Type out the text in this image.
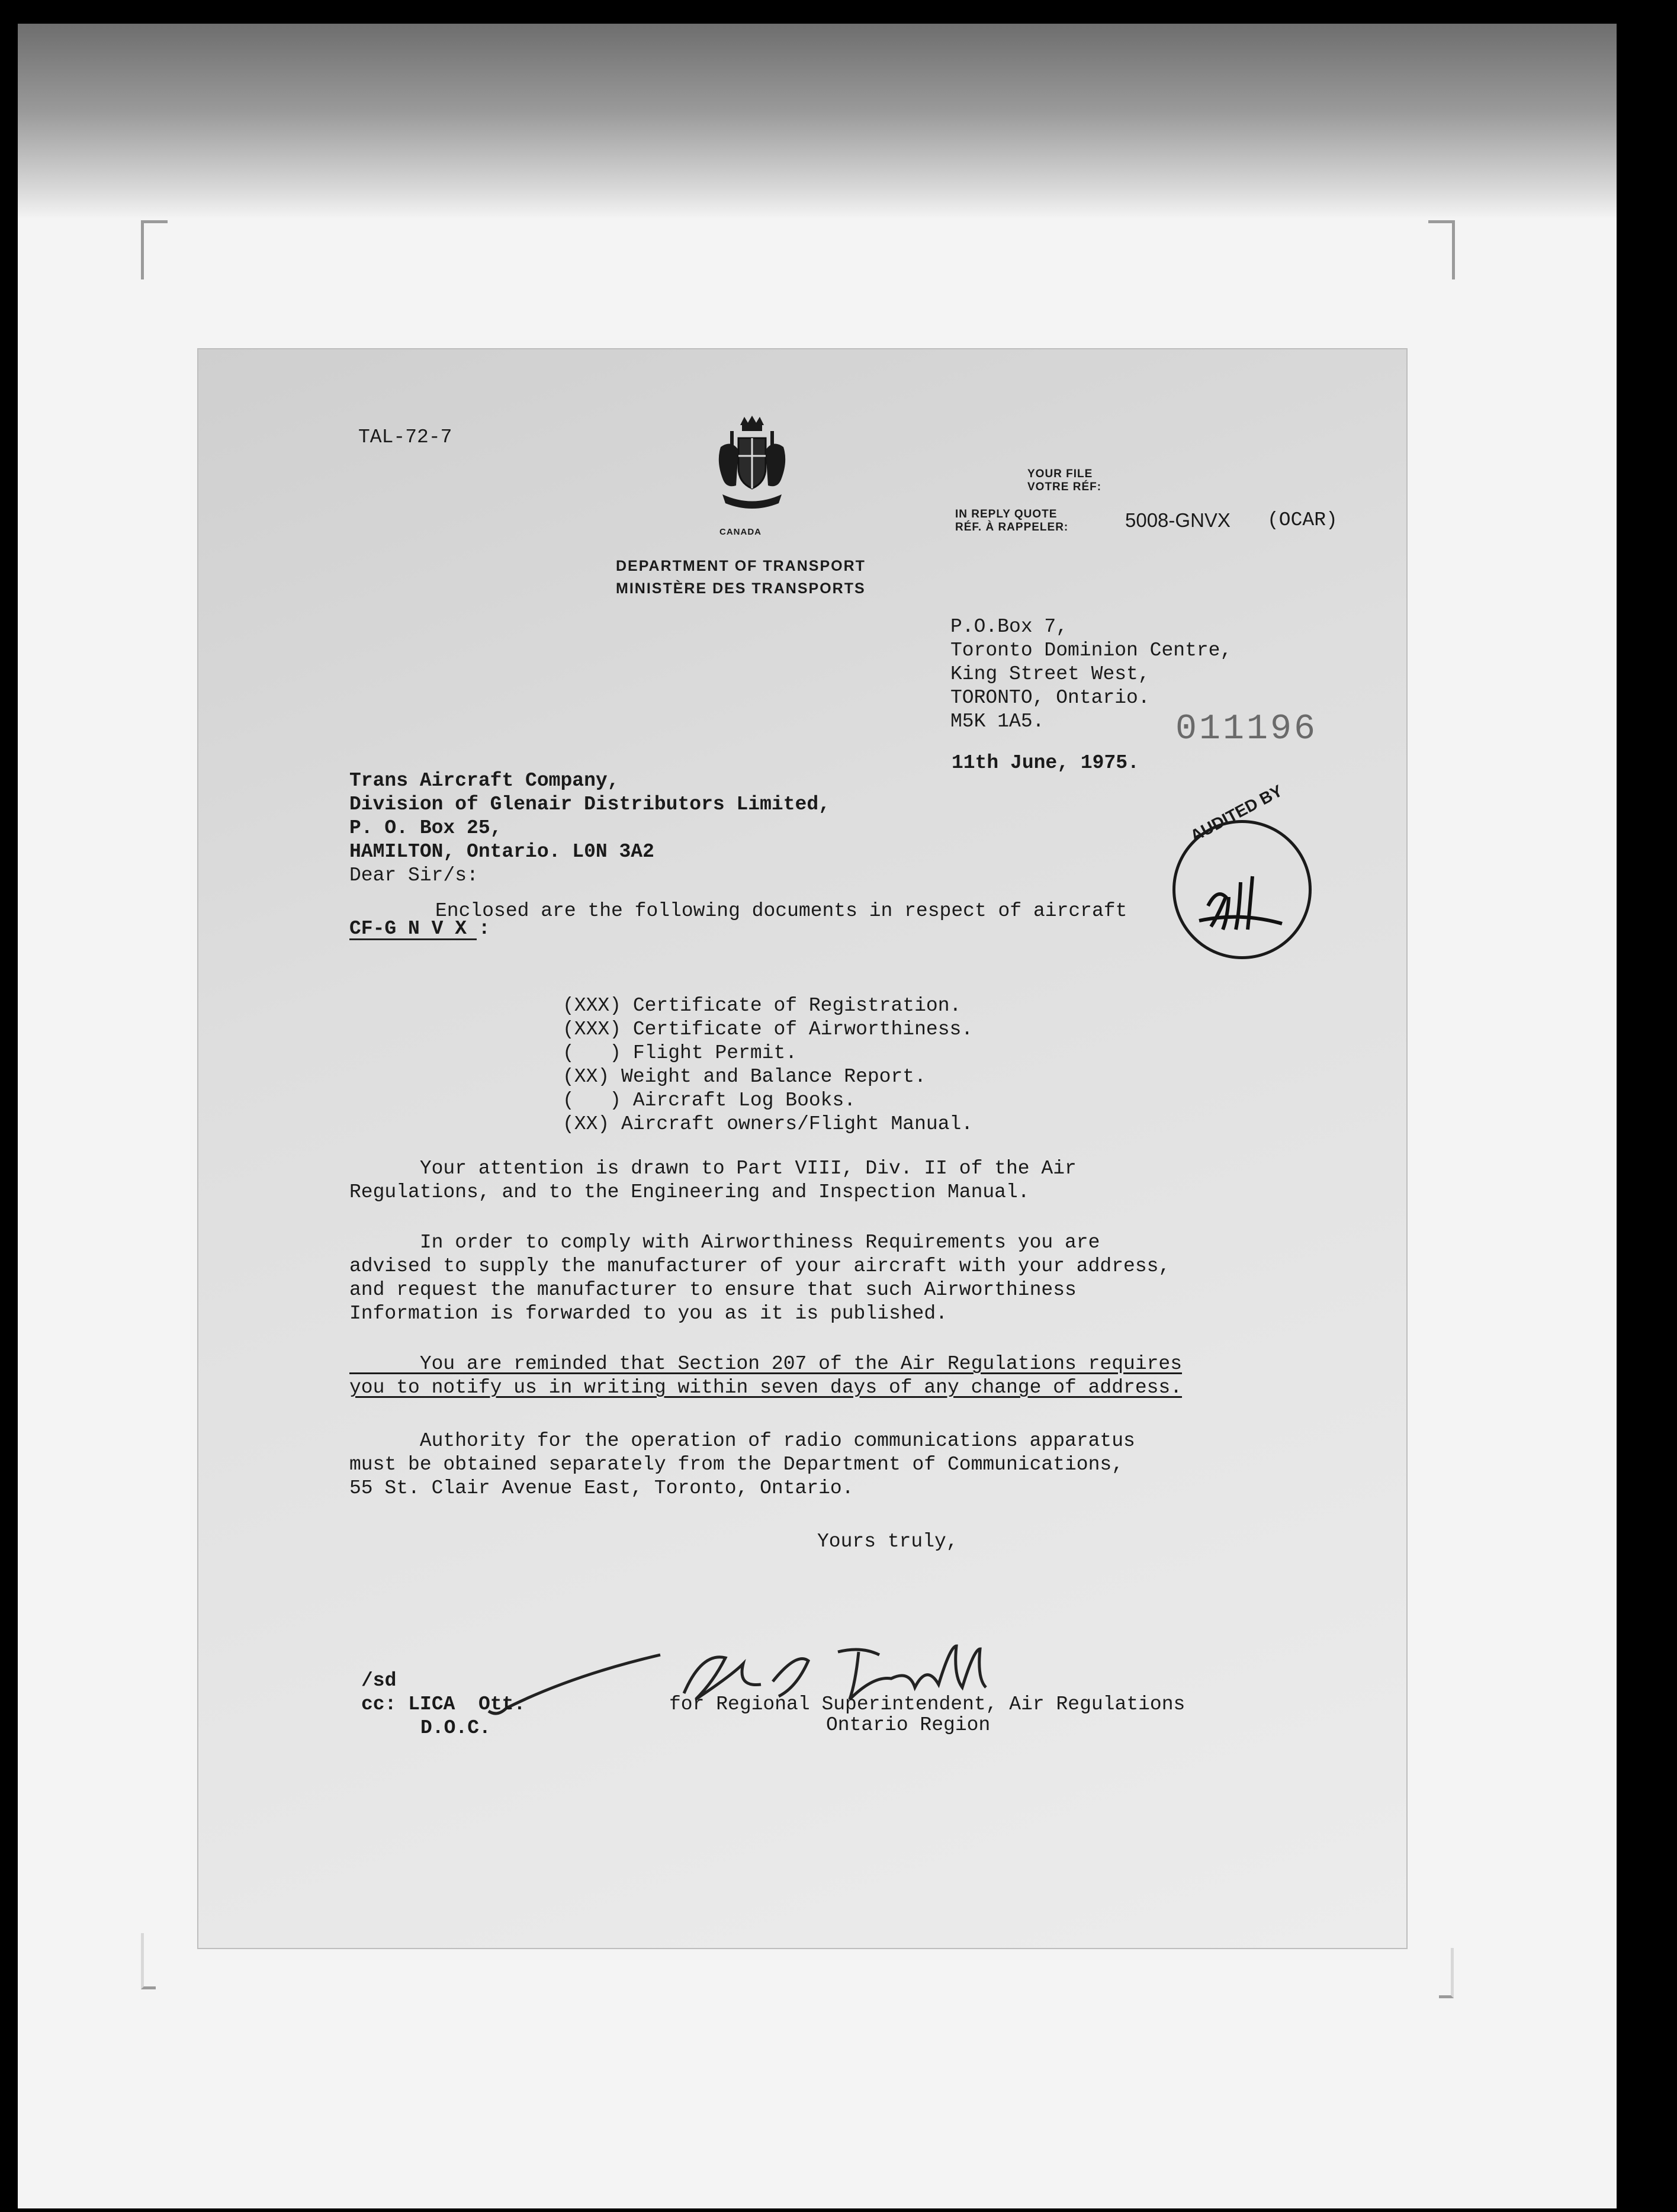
TAL-72-7
CANADA
DEPARTMENT OF TRANSPORT
MINISTÈRE DES TRANSPORTS
YOUR FILE
VOTRE RÉF:
IN REPLY QUOTE
RÉF. À RAPPELER:	5008-GNVX (OCAR)
P.O.Box 7,
Toronto Dominion Centre,
King Street West,
TORONTO, Ontario.
M5K 1A5.	011196
11th June, 1975.
Trans Aircraft Company,
Division of Glenair Distributors Limited,
P. O. Box 25,
HAMILTON, Ontario. L0N 3A2
Dear Sir/s:
Enclosed are the following documents in respect of aircraft
CF-G N V X :
(XXX) Certificate of Registration.
(XXX) Certificate of Airworthiness.
(   ) Flight Permit.
(XX) Weight and Balance Report.
(   ) Aircraft Log Books.
(XX) Aircraft owners/Flight Manual.
Your attention is drawn to Part VIII, Div. II of the Air
Regulations, and to the Engineering and Inspection Manual.
In order to comply with Airworthiness Requirements you are
advised to supply the manufacturer of your aircraft with your address,
and request the manufacturer to ensure that such Airworthiness
Information is forwarded to you as it is published.
You are reminded that Section 207 of the Air Regulations requires
you to notify us in writing within seven days of any change of address.
Authority for the operation of radio communications apparatus
must be obtained separately from the Department of Communications,
55 St. Clair Avenue East, Toronto, Ontario.
Yours truly,
/sd
cc: LICA  Ott.
D.O.C.
for Regional Superintendent, Air Regulations
Ontario Region
AUDITED BY
